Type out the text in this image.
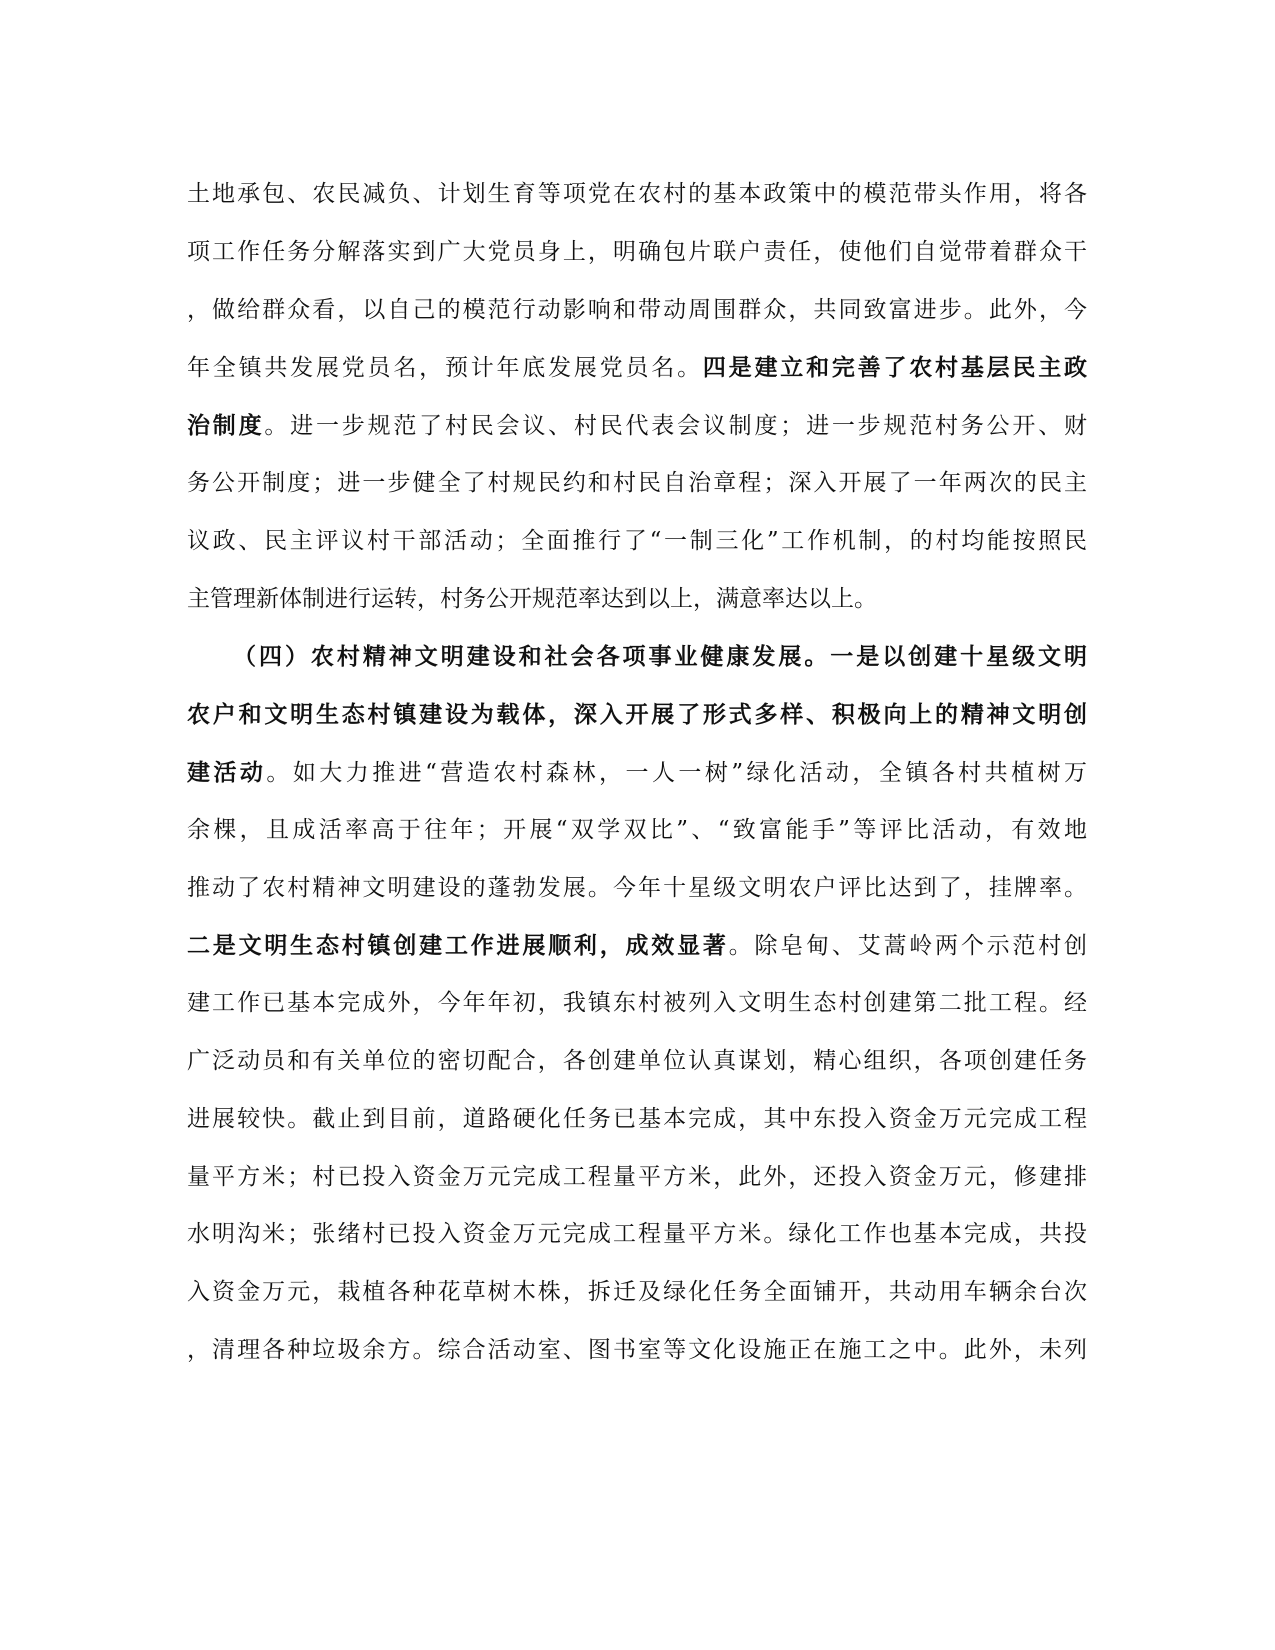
土地承包、农民减负、计划生育等项党在农村的基本政策中的模范带头作用，将各
项工作任务分解落实到广大党员身上，明确包片联户责任，使他们自觉带着群众干
，做给群众看，以自己的模范行动影响和带动周围群众，共同致富进步。此外，今
年全镇共发展党员名，预计年底发展党员名。四是建立和完善了农村基层民主政
治制度。进一步规范了村民会议、村民代表会议制度；进一步规范村务公开、财
务公开制度；进一步健全了村规民约和村民自治章程；深入开展了一年两次的民主
议政、民主评议村干部活动；全面推行了“一制三化”工作机制，的村均能按照民
主管理新体制进行运转，村务公开规范率达到以上，满意率达以上。
（四）农村精神文明建设和社会各项事业健康发展。一是以创建十星级文明
农户和文明生态村镇建设为载体，深入开展了形式多样、积极向上的精神文明创
建活动。如大力推进“营造农村森林，一人一树”绿化活动，全镇各村共植树万
余棵，且成活率高于往年；开展“双学双比”、“致富能手”等评比活动，有效地
推动了农村精神文明建设的蓬勃发展。今年十星级文明农户评比达到了，挂牌率。
二是文明生态村镇创建工作进展顺利，成效显著。除皂甸、艾蒿岭两个示范村创
建工作已基本完成外，今年年初，我镇东村被列入文明生态村创建第二批工程。经
广泛动员和有关单位的密切配合，各创建单位认真谋划，精心组织，各项创建任务
进展较快。截止到目前，道路硬化任务已基本完成，其中东投入资金万元完成工程
量平方米；村已投入资金万元完成工程量平方米，此外，还投入资金万元，修建排
水明沟米；张绪村已投入资金万元完成工程量平方米。绿化工作也基本完成，共投
入资金万元，栽植各种花草树木株，拆迁及绿化任务全面铺开，共动用车辆余台次
，清理各种垃圾余方。综合活动室、图书室等文化设施正在施工之中。此外，未列
